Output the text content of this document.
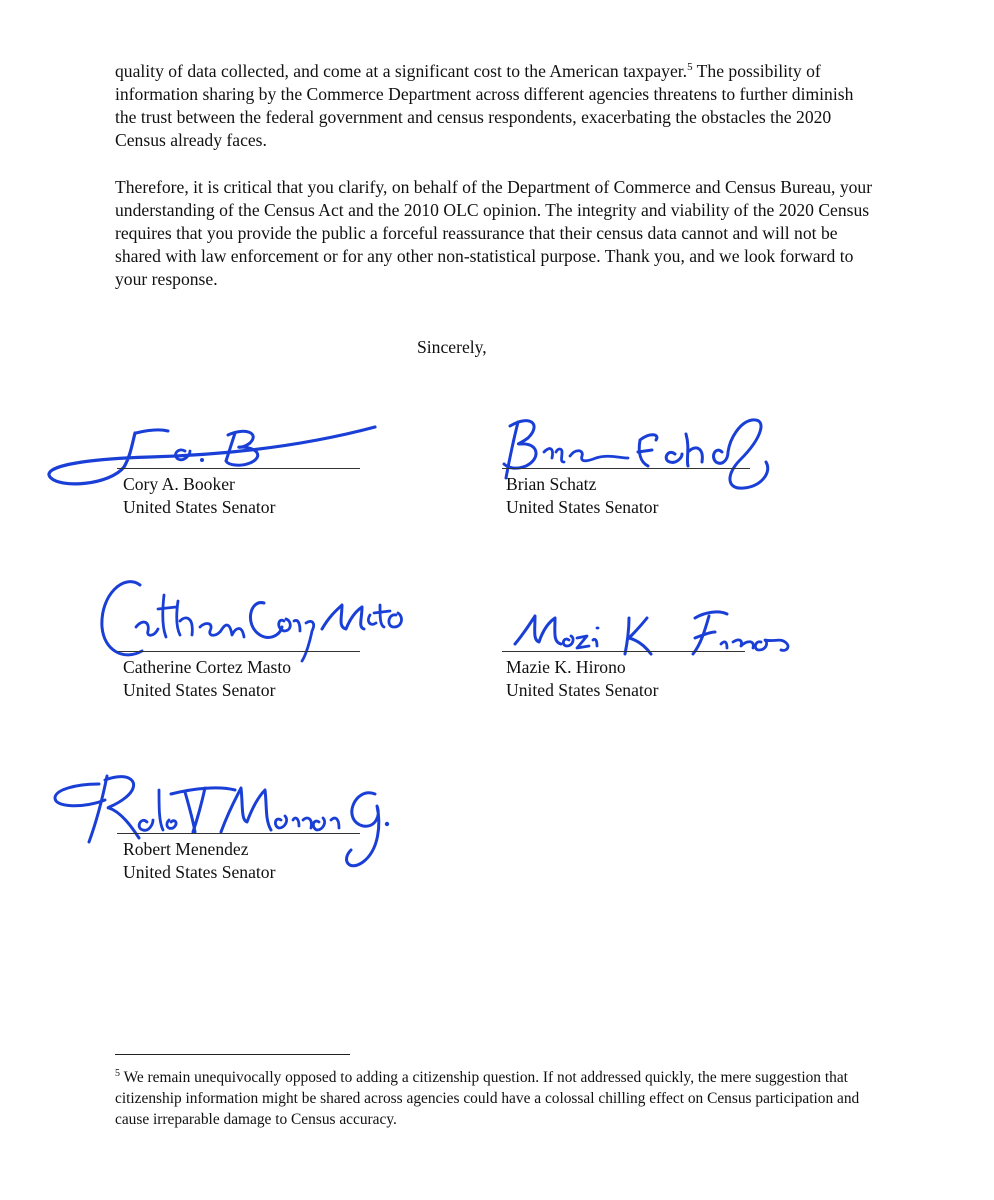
quality of data collected, and come at a significant cost to the American taxpayer.$^5$ The possibility of information sharing by the Commerce Department across different agencies threatens to further diminish the trust between the federal government and census respondents, exacerbating the obstacles the 2020 Census already faces.

Therefore, it is critical that you clarify, on behalf of the Department of Commerce and Census Bureau, your understanding of the Census Act and the 2010 OLC opinion. The integrity and viability of the 2020 Census requires that you provide the public a forceful reassurance that their census data cannot and will not be shared with law enforcement or for any other non-statistical purpose. Thank you, and we look forward to your response.

Sincerely,
Cory A. Booker
United States Senator
Brian Schatz
United States Senator
Catherine Cortez Masto
United States Senator
Mazie K. Hirono
United States Senator
Robert Menendez
United States Senator

$^5$ We remain unequivocally opposed to adding a citizenship question. If not addressed quickly, the mere suggestion that citizenship information might be shared across agencies could have a colossal chilling effect on Census participation and cause irreparable damage to Census accuracy.
